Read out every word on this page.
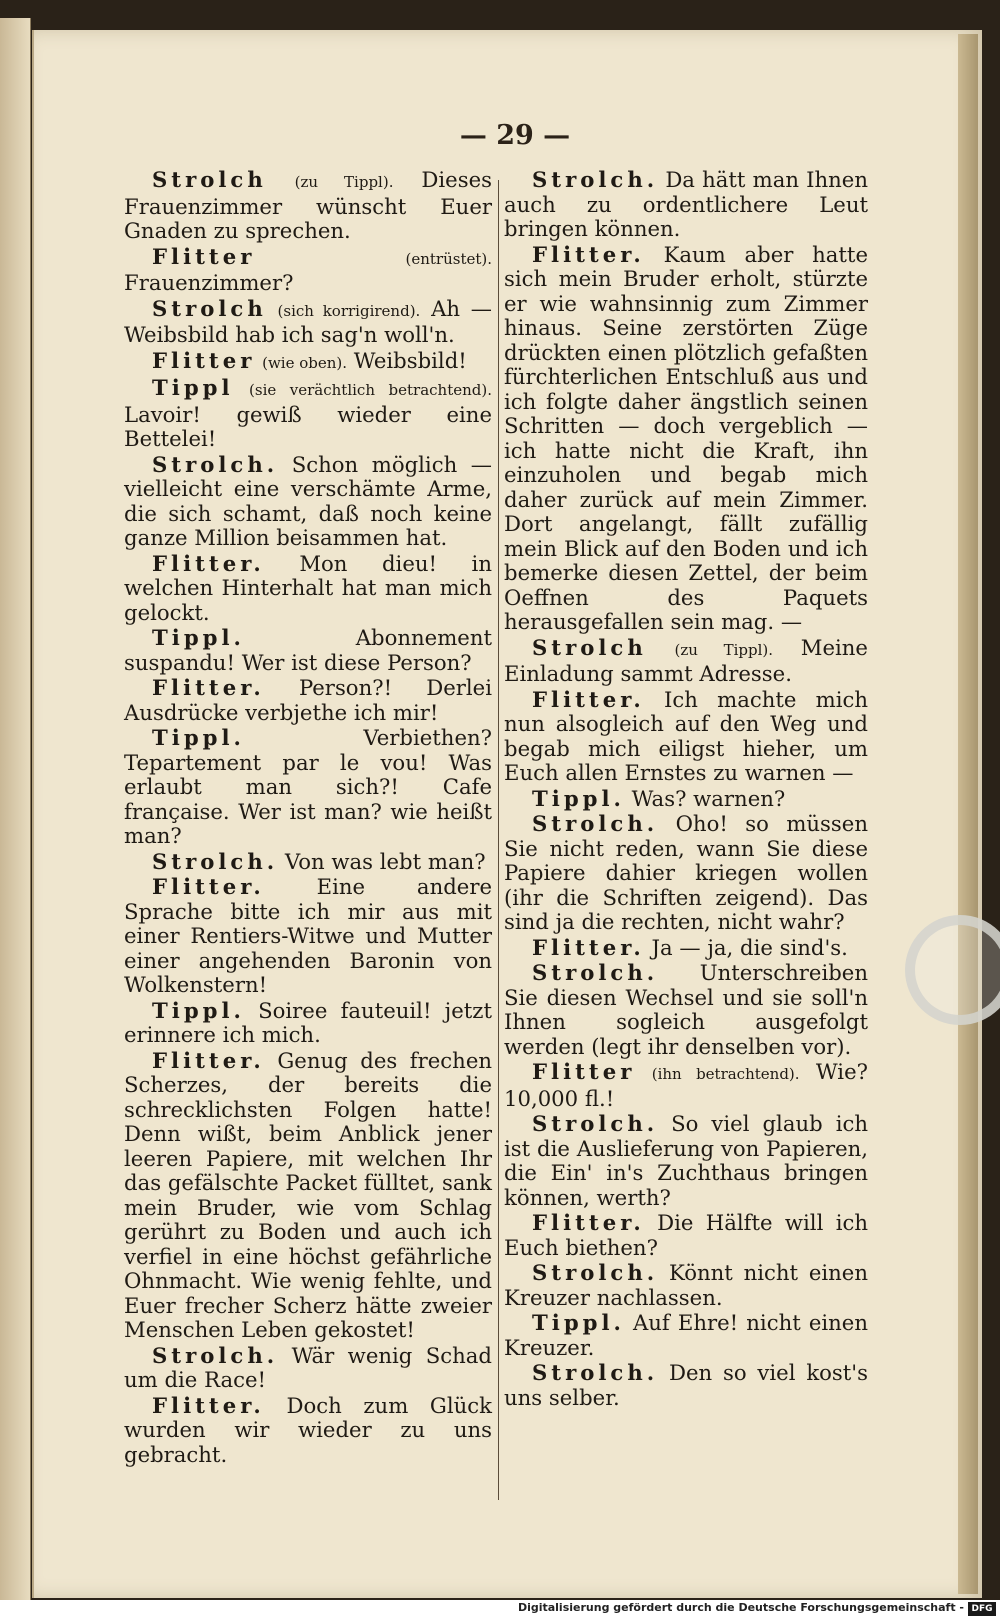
— 29 —

Strolch (zu Tippl). Dieses Frauenzimmer wünscht Euer Gnaden zu sprechen.

Flitter	(entrüstet). Frauenzimmer?

Strolch (sich korrigirend). Ah — Weibsbild hab ich sag'n woll'n.

Flitter (wie oben). Weibsbild!

Tippl (sie verächtlich betrachtend). Lavoir! gewiß wieder eine Bettelei!

Strolch. Schon möglich — vielleicht eine verschämte Arme, die sich schamt, daß noch keine ganze Million beisammen hat.

Flitter. Mon dieu! in welchen Hinterhalt hat man mich gelockt.

Tippl.	Abonnement suspandu! Wer ist diese Person?

Flitter. Person?! Derlei Ausdrücke verbjethe ich mir!

Tippl.	Verbiethen? Tepartement par le vou! Was erlaubt man sich?! Cafe française. Wer ist man? wie heißt man?

Strolch. Von was lebt man?

Flitter. Eine andere Sprache bitte ich mir aus mit einer Rentiers-Witwe und Mutter einer angehenden Baronin von Wolkenstern!

Tippl. Soiree fauteuil! jetzt erinnere ich mich.

Flitter. Genug des frechen Scherzes, der bereits die schrecklichsten Folgen hatte! Denn wißt, beim Anblick jener leeren Papiere, mit welchen Ihr das gefälschte Packet fülltet, sank mein Bruder, wie vom Schlag gerührt zu Boden und auch ich verfiel in eine höchst gefährliche Ohnmacht. Wie wenig fehlte, und Euer frecher Scherz hätte zweier Menschen Leben gekostet!

Strolch. Wär wenig Schad um die Race!

Flitter. Doch zum Glück wurden wir wieder zu uns gebracht.

Strolch. Da hätt man Ihnen auch zu ordentlichere Leut bringen können.

Flitter. Kaum aber hatte sich mein Bruder erholt, stürzte er wie wahnsinnig zum Zimmer hinaus. Seine zerstörten Züge drückten einen plötzlich gefaßten fürchterlichen Entschluß aus und ich folgte daher ängstlich seinen Schritten — doch vergeblich — ich hatte nicht die Kraft, ihn einzuholen und begab mich daher zurück auf mein Zimmer. Dort angelangt, fällt zufällig mein Blick auf den Boden und ich bemerke diesen Zettel, der beim Oeffnen des Paquets herausgefallen sein mag. —

Strolch (zu Tippl). Meine Einladung sammt Adresse.

Flitter. Ich machte mich nun alsogleich auf den Weg und begab mich eiligst hieher, um Euch allen Ernstes zu warnen —

Tippl. Was? warnen?

Strolch. Oho! so müssen Sie nicht reden, wann Sie diese Papiere dahier kriegen wollen (ihr die Schriften zeigend). Das sind ja die rechten, nicht wahr?

Flitter. Ja — ja, die sind's.

Strolch. Unterschreiben Sie diesen Wechsel und sie soll'n Ihnen sogleich ausgefolgt werden (legt ihr denselben vor).

Flitter (ihn betrachtend). Wie? 10,000 fl.!

Strolch. So viel glaub ich ist die Auslieferung von Papieren, die Ein' in's Zuchthaus bringen können, werth?

Flitter. Die Hälfte will ich Euch biethen?

Strolch. Könnt nicht einen Kreuzer nachlassen.

Tippl. Auf Ehre! nicht einen Kreuzer.

Strolch. Den so viel kost's uns selber.

Digitalisierung gefördert durch die Deutsche Forschungsgemeinschaft - DFG
